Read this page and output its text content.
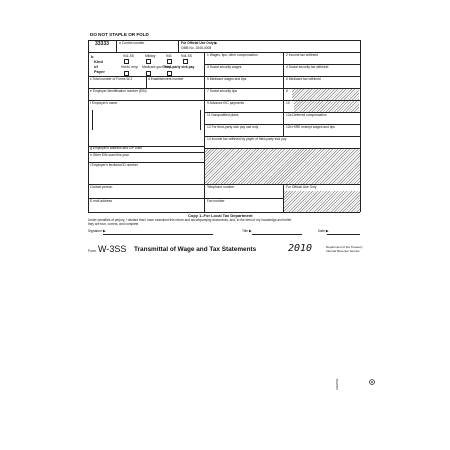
DO NOT STAPLE OR FOLD
33333	a Control number	For Official Use Only ▶
OMB No. 1545-0008
b
Kind
of
Payer
941-SS	Military	943	944-SS
Hshld. emp. Medicare govt. emp.
Third-party sick pay
1 Wages, tips, other compensation	2 Income tax withheld
3 Social security wages	4 Social security tax withheld
5 Medicare wages and tips	6 Medicare tax withheld
c Total number of Forms W-2	d Establishment number
e Employer identification number (EIN)	7 Social security tips	8
f Employer's name	9 Advance EIC payments	10
11 Nonqualified plans	12a Deferred compensation
12 For third-party sick pay use only	12b HIRE exempt wages and tips
14 Income tax withheld by payer of third-party sick pay
g Employer's address and ZIP code
h Other EIN used this year
i Employer's territorial ID number
Contact person	Telephone number	For Official Use Only
E-mail address	Fax number
Copy 1–For Local Tax Department
Under penalties of perjury, I declare that I have examined this return and accompanying documents, and, to the best of my knowledge and belief,
they are true, correct, and complete.
Signature ▶	Title ▶	Date ▶
Form W-3SS Transmittal of Wage and Tax Statements	2010	Department of the Treasury
Internal Revenue Service
LW3SS1
